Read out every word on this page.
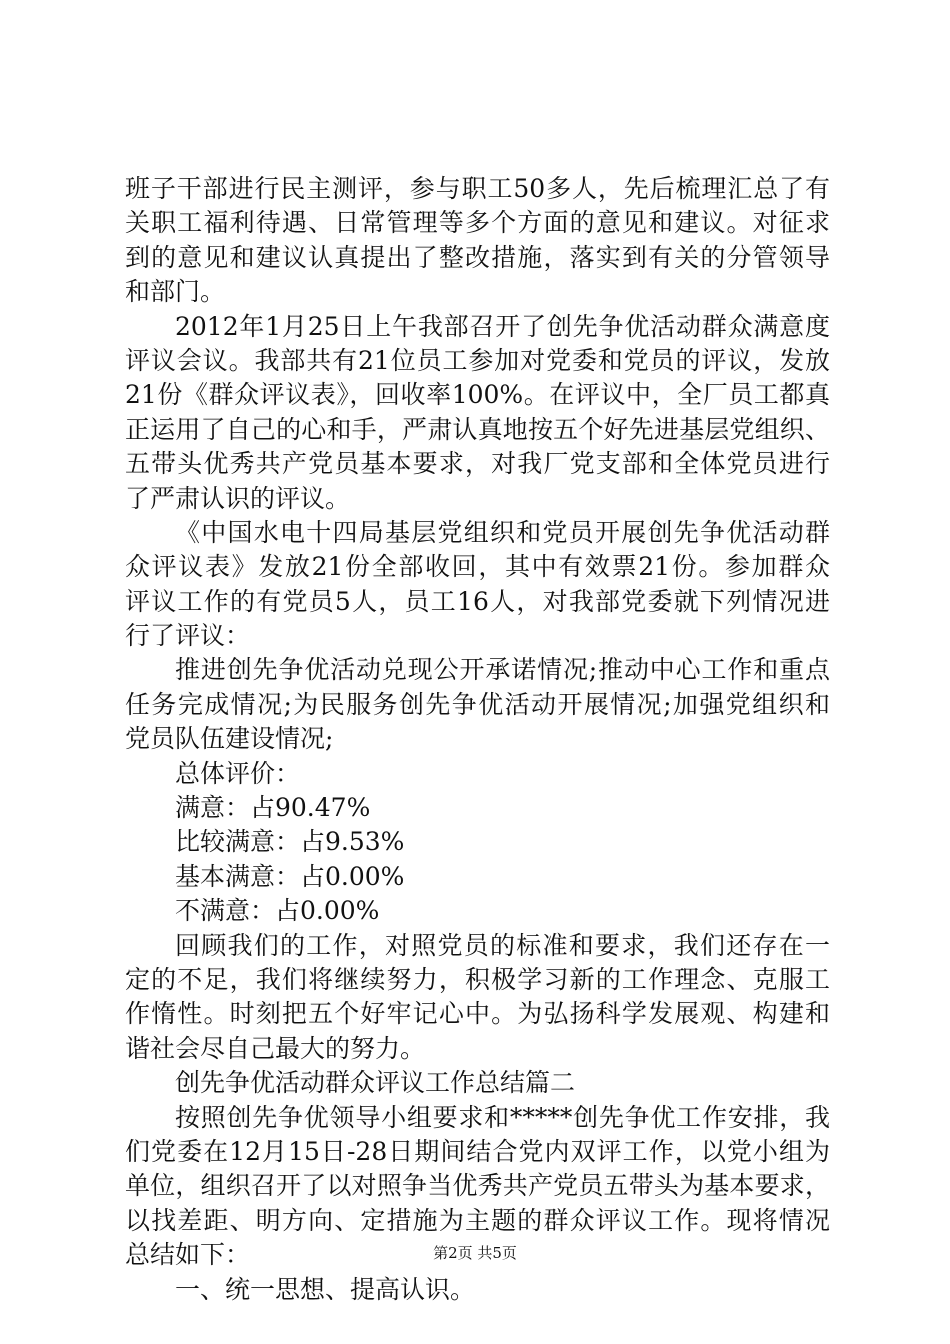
班子干部进行民主测评，参与职工50多人，先后梳理汇总了有
关职工福利待遇、日常管理等多个方面的意见和建议。对征求
到的意见和建议认真提出了整改措施，落实到有关的分管领导
和部门。
2012年1月25日上午我部召开了创先争优活动群众满意度
评议会议。我部共有21位员工参加对党委和党员的评议，发放
21份《群众评议表》，回收率100%。在评议中，全厂员工都真
正运用了自己的心和手，严肃认真地按五个好先进基层党组织、
五带头优秀共产党员基本要求，对我厂党支部和全体党员进行
了严肃认识的评议。
《中国水电十四局基层党组织和党员开展创先争优活动群
众评议表》发放21份全部收回，其中有效票21份。参加群众
评议工作的有党员5人，员工16人，对我部党委就下列情况进
行了评议：
推进创先争优活动兑现公开承诺情况;推动中心工作和重点
任务完成情况;为民服务创先争优活动开展情况;加强党组织和
党员队伍建设情况;
总体评价：
满意：占90.47%
比较满意：占9.53%
基本满意：占0.00%
不满意：占0.00%
回顾我们的工作，对照党员的标准和要求，我们还存在一
定的不足，我们将继续努力，积极学习新的工作理念、克服工
作惰性。时刻把五个好牢记心中。为弘扬科学发展观、构建和
谐社会尽自己最大的努力。
创先争优活动群众评议工作总结篇二
按照创先争优领导小组要求和*****创先争优工作安排，我
们党委在12月15日-28日期间结合党内双评工作，以党小组为
单位，组织召开了以对照争当优秀共产党员五带头为基本要求，
以找差距、明方向、定措施为主题的群众评议工作。现将情况
总结如下：
一、统一思想、提高认识。
第2页 共5页
